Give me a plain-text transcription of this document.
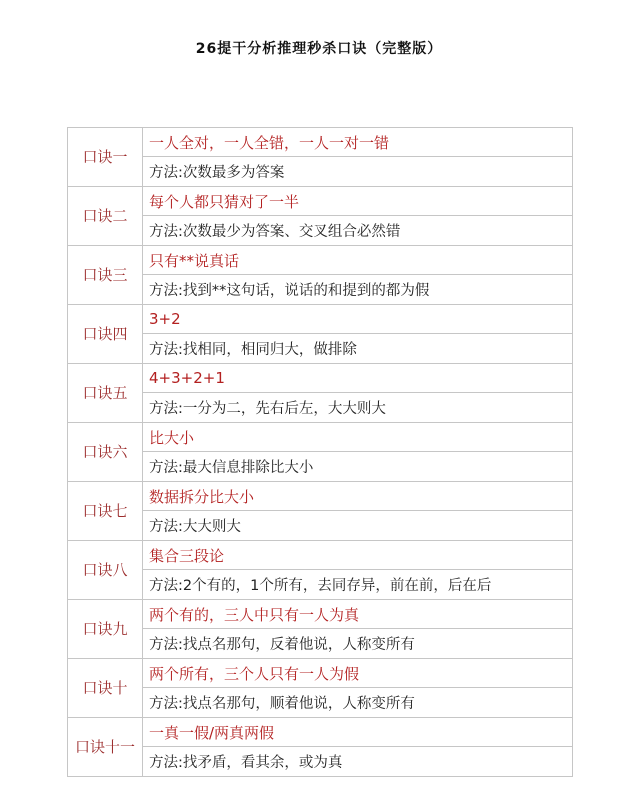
26提干分析推理秒杀口诀（完整版）
口诀一	一人全对，一人全错，一人一对一错
	方法:次数最多为答案
口诀二	每个人都只猜对了一半
	方法:次数最少为答案、交叉组合必然错
口诀三	只有**说真话
	方法:找到**这句话，说话的和提到的都为假
口诀四	3+2
	方法:找相同，相同归大，做排除
口诀五	4+3+2+1
	方法:一分为二，先右后左，大大则大
口诀六	比大小
	方法:最大信息排除比大小
口诀七	数据拆分比大小
	方法:大大则大
口诀八	集合三段论
	方法:2个有的，1个所有，去同存异，前在前，后在后
口诀九	两个有的，三人中只有一人为真
	方法:找点名那句，反着他说，人称变所有
口诀十	两个所有，三个人只有一人为假
	方法:找点名那句，顺着他说，人称变所有
口诀十一	一真一假/两真两假
	方法:找矛盾，看其余，或为真
